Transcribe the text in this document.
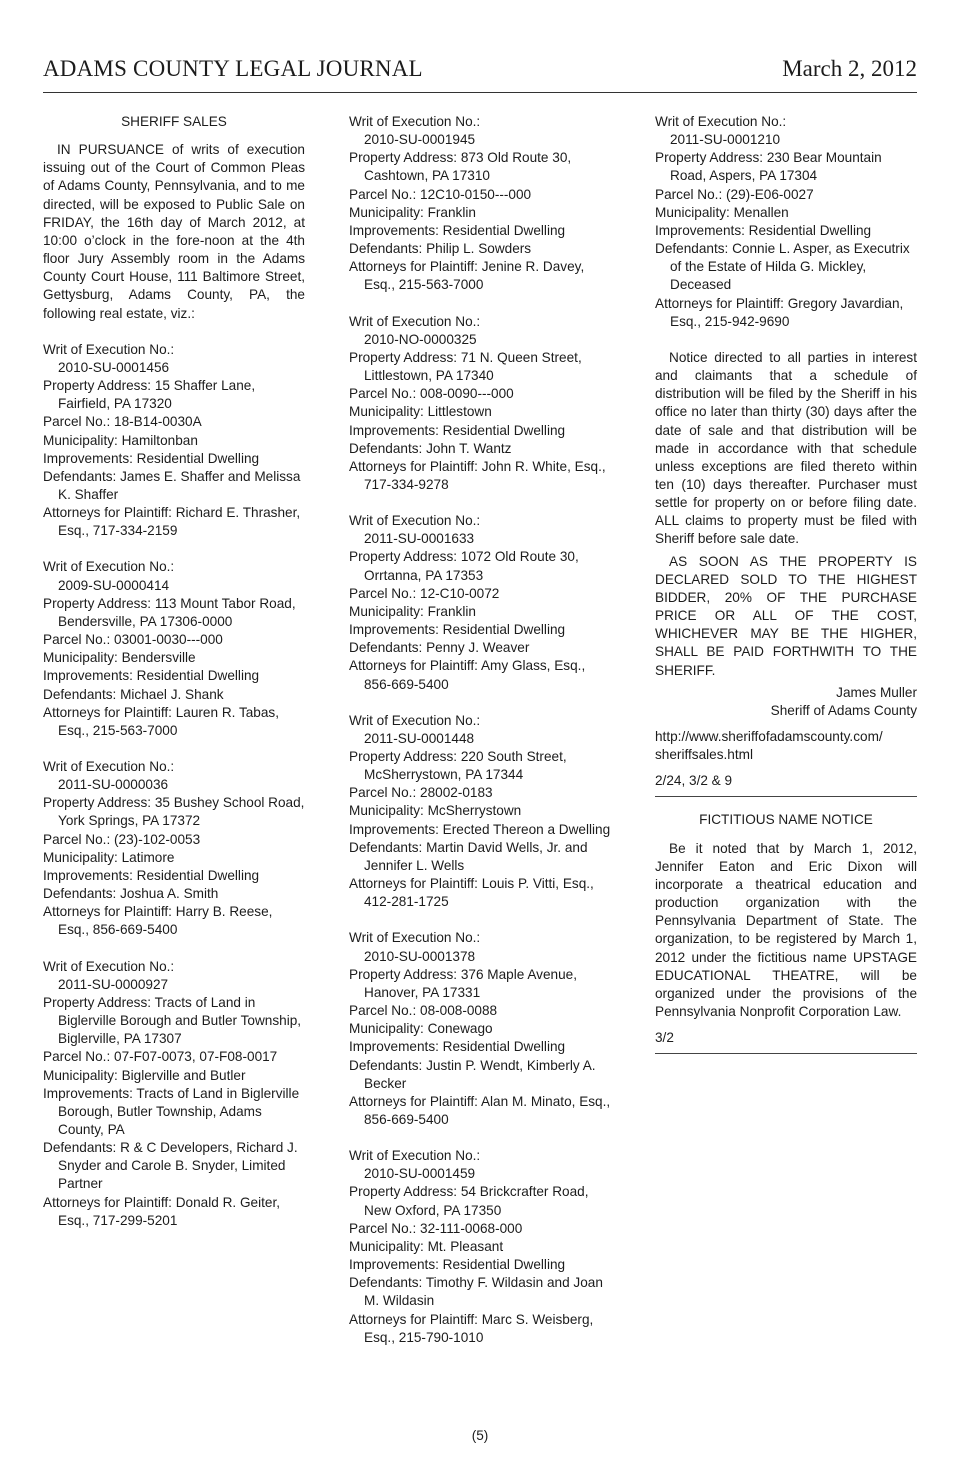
ADAMS COUNTY LEGAL JOURNAL	March 2, 2012
SHERIFF SALES

IN PURSUANCE of writs of execution issuing out of the Court of Common Pleas of Adams County, Pennsylvania, and to me directed, will be exposed to Public Sale on FRIDAY, the 16th day of March 2012, at 10:00 o’clock in the fore-noon at the 4th floor Jury Assembly room in the Adams County Court House, 111 Baltimore Street, Gettysburg, Adams County, PA, the following real estate, viz.:

Writ of Execution No.:
2010-SU-0001456
Property Address: 15 Shaffer Lane, Fairfield, PA 17320
Parcel No.: 18-B14-0030A
Municipality: Hamiltonban
Improvements: Residential Dwelling
Defendants: James E. Shaffer and Melissa K. Shaffer
Attorneys for Plaintiff: Richard E. Thrasher, Esq., 717-334-2159
Writ of Execution No.:
2009-SU-0000414
Property Address: 113 Mount Tabor Road, Bendersville, PA 17306-0000
Parcel No.: 03001-0030---000
Municipality: Bendersville
Improvements: Residential Dwelling
Defendants: Michael J. Shank
Attorneys for Plaintiff: Lauren R. Tabas, Esq., 215-563-7000
Writ of Execution No.:
2011-SU-0000036
Property Address: 35 Bushey School Road, York Springs, PA 17372
Parcel No.: (23)-102-0053
Municipality: Latimore
Improvements: Residential Dwelling
Defendants: Joshua A. Smith
Attorneys for Plaintiff: Harry B. Reese, Esq., 856-669-5400
Writ of Execution No.:
2011-SU-0000927
Property Address: Tracts of Land in Biglerville Borough and Butler Township, Biglerville, PA 17307
Parcel No.: 07-F07-0073, 07-F08-0017
Municipality: Biglerville and Butler
Improvements: Tracts of Land in Biglerville Borough, Butler Township, Adams County, PA
Defendants: R & C Developers, Richard J. Snyder and Carole B. Snyder, Limited Partner
Attorneys for Plaintiff: Donald R. Geiter, Esq., 717-299-5201
Writ of Execution No.:
2010-SU-0001945
Property Address: 873 Old Route 30, Cashtown, PA 17310
Parcel No.: 12C10-0150---000
Municipality: Franklin
Improvements: Residential Dwelling
Defendants: Philip L. Sowders
Attorneys for Plaintiff: Jenine R. Davey, Esq., 215-563-7000
Writ of Execution No.:
2010-NO-0000325
Property Address: 71 N. Queen Street, Littlestown, PA 17340
Parcel No.: 008-0090---000
Municipality: Littlestown
Improvements: Residential Dwelling
Defendants: John T. Wantz
Attorneys for Plaintiff: John R. White, Esq., 717-334-9278
Writ of Execution No.:
2011-SU-0001633
Property Address: 1072 Old Route 30, Orrtanna, PA 17353
Parcel No.: 12-C10-0072
Municipality: Franklin
Improvements: Residential Dwelling
Defendants: Penny J. Weaver
Attorneys for Plaintiff: Amy Glass, Esq., 856-669-5400
Writ of Execution No.:
2011-SU-0001448
Property Address: 220 South Street, McSherrystown, PA 17344
Parcel No.: 28002-0183
Municipality: McSherrystown
Improvements: Erected Thereon a Dwelling
Defendants: Martin David Wells, Jr. and Jennifer L. Wells
Attorneys for Plaintiff: Louis P. Vitti, Esq., 412-281-1725
Writ of Execution No.:
2010-SU-0001378
Property Address: 376 Maple Avenue, Hanover, PA 17331
Parcel No.: 08-008-0088
Municipality: Conewago
Improvements: Residential Dwelling
Defendants: Justin P. Wendt, Kimberly A. Becker
Attorneys for Plaintiff: Alan M. Minato, Esq., 856-669-5400
Writ of Execution No.:
2010-SU-0001459
Property Address: 54 Brickcrafter Road, New Oxford, PA 17350
Parcel No.: 32-111-0068-000
Municipality: Mt. Pleasant
Improvements: Residential Dwelling
Defendants: Timothy F. Wildasin and Joan M. Wildasin
Attorneys for Plaintiff: Marc S. Weisberg, Esq., 215-790-1010
Writ of Execution No.:
2011-SU-0001210
Property Address: 230 Bear Mountain Road, Aspers, PA 17304
Parcel No.: (29)-E06-0027
Municipality: Menallen
Improvements: Residential Dwelling
Defendants: Connie L. Asper, as Executrix of the Estate of Hilda G. Mickley, Deceased
Attorneys for Plaintiff: Gregory Javardian, Esq., 215-942-9690

Notice directed to all parties in interest and claimants that a schedule of distribution will be filed by the Sheriff in his office no later than thirty (30) days after the date of sale and that distribution will be made in accordance with that schedule unless exceptions are filed thereto within ten (10) days thereafter. Purchaser must settle for property on or before filing date. ALL claims to property must be filed with Sheriff before sale date.

AS SOON AS THE PROPERTY IS DECLARED SOLD TO THE HIGHEST BIDDER, 20% OF THE PURCHASE PRICE OR ALL OF THE COST, WHICHEVER MAY BE THE HIGHER, SHALL BE PAID FORTHWITH TO THE SHERIFF.

James Muller
Sheriff of Adams County
http://www.sheriffofadamscounty.com/
sheriffsales.html
2/24, 3/2 & 9
FICTITIOUS NAME NOTICE

Be it noted that by March 1, 2012, Jennifer Eaton and Eric Dixon will incorporate a theatrical education and production organization with the Pennsylvania Department of State. The organization, to be registered by March 1, 2012 under the fictitious name UPSTAGE EDUCATIONAL THEATRE, will be organized under the provisions of the Pennsylvania Nonprofit Corporation Law.

3/2
(5)
